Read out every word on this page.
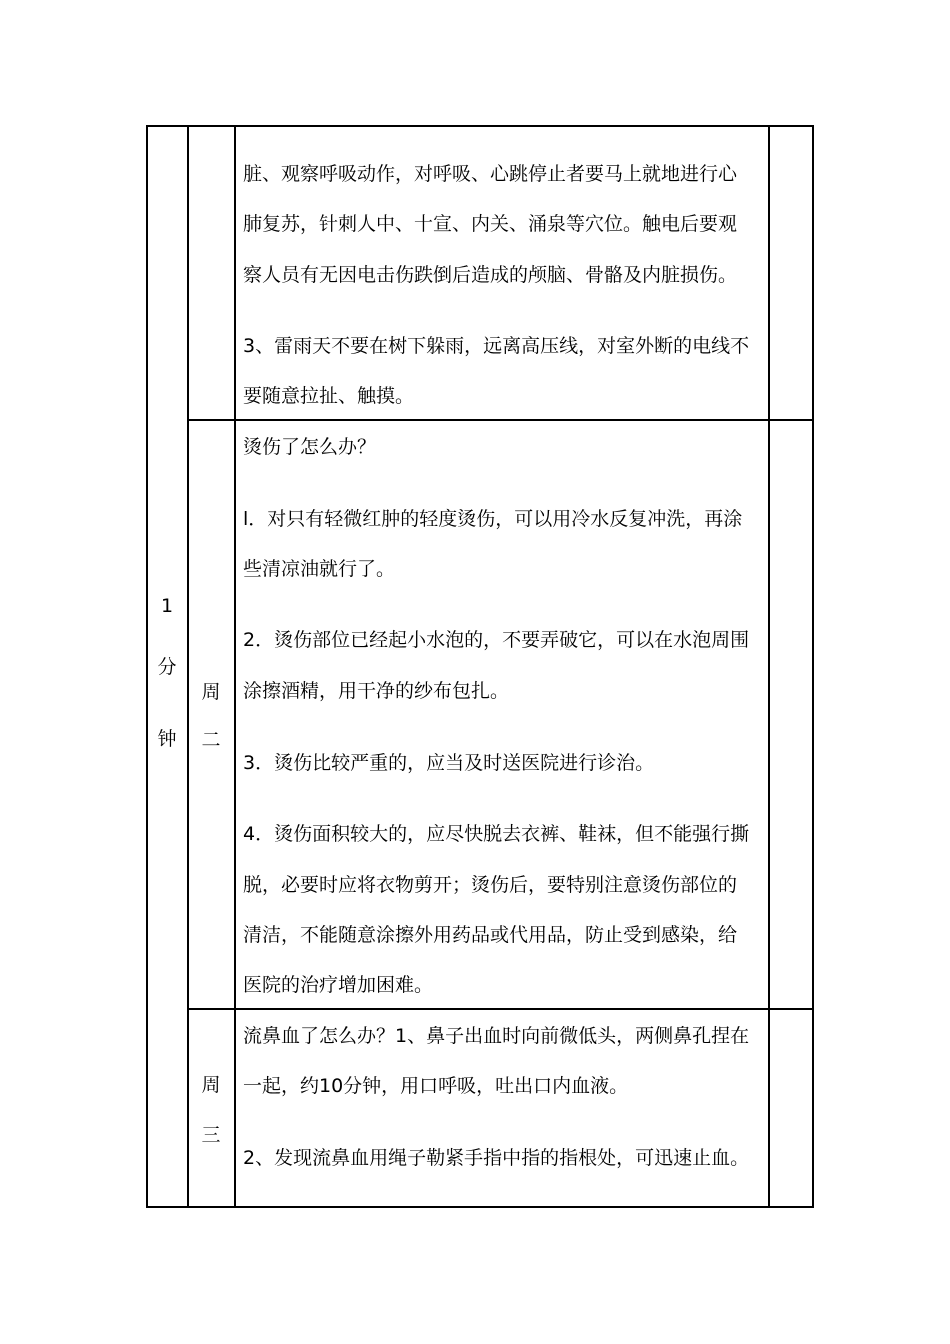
1
分
钟
周
二
周
三
脏、观察呼吸动作，对呼吸、心跳停止者要马上就地进行心
肺复苏，针刺人中、十宣、内关、涌泉等穴位。触电后要观
察人员有无因电击伤跌倒后造成的颅脑、骨骼及内脏损伤。
3、雷雨天不要在树下躲雨，远离高压线，对室外断的电线不
要随意拉扯、触摸。
烫伤了怎么办？
l．对只有轻微红肿的轻度烫伤，可以用冷水反复冲洗，再涂
些清凉油就行了。
2．烫伤部位已经起小水泡的，不要弄破它，可以在水泡周围
涂擦酒精，用干净的纱布包扎。
3．烫伤比较严重的，应当及时送医院进行诊治。
4．烫伤面积较大的，应尽快脱去衣裤、鞋袜，但不能强行撕
脱，必要时应将衣物剪开；烫伤后，要特别注意烫伤部位的
清洁，不能随意涂擦外用药品或代用品，防止受到感染，给
医院的治疗增加困难。
流鼻血了怎么办？1、鼻子出血时向前微低头，两侧鼻孔捏在
一起，约10分钟，用口呼吸，吐出口内血液。
2、发现流鼻血用绳子勒紧手指中指的指根处，可迅速止血。
